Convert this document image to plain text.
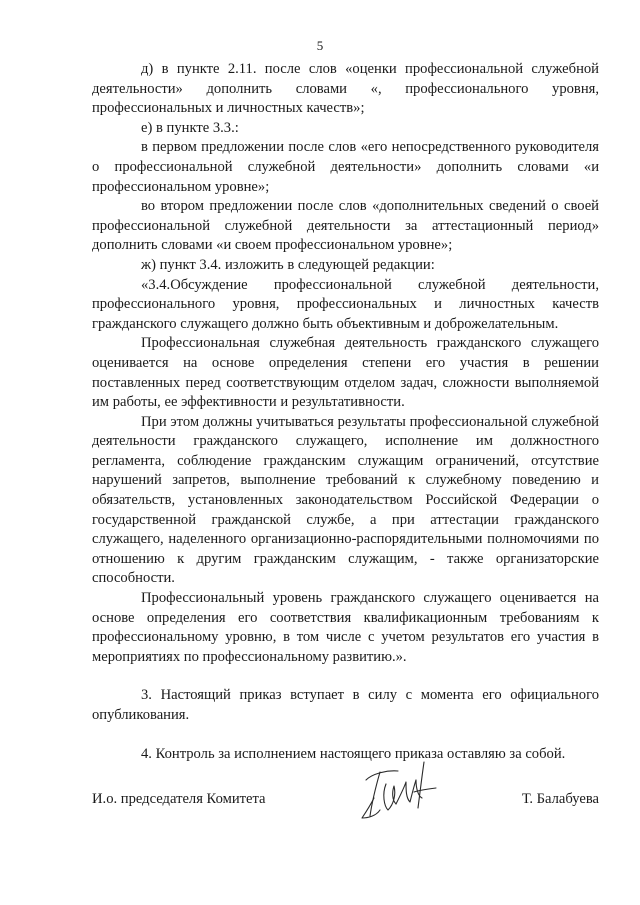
5

д) в пункте 2.11. после слов «оценки профессиональной служебной деятельности» дополнить словами «, профессионального уровня, профессиональных и личностных качеств»;

е) в пункте 3.3.:

в первом предложении после слов «его непосредственного руководителя о профессиональной служебной деятельности» дополнить словами «и профессиональном уровне»;

во втором предложении после слов «дополнительных сведений о своей профессиональной служебной деятельности за аттестационный период» дополнить словами «и своем профессиональном уровне»;

ж) пункт 3.4. изложить в следующей редакции:

«3.4.Обсуждение профессиональной служебной деятельности, профессионального уровня, профессиональных и личностных качеств гражданского служащего должно быть объективным и доброжелательным.

Профессиональная служебная деятельность гражданского служащего оценивается на основе определения степени его участия в решении поставленных перед соответствующим отделом задач, сложности выполняемой им работы, ее эффективности и результативности.

При этом должны учитываться результаты профессиональной служебной деятельности гражданского служащего, исполнение им должностного регламента, соблюдение гражданским служащим ограничений, отсутствие нарушений запретов, выполнение требований к служебному поведению и обязательств, установленных законодательством Российской Федерации о государственной гражданской службе, а при аттестации гражданского служащего, наделенного организационно-распорядительными полномочиями по отношению к другим гражданским служащим, - также организаторские способности.

Профессиональный уровень гражданского служащего оценивается на основе определения его соответствия квалификационным требованиям к профессиональному уровню, в том числе с учетом результатов его участия в мероприятиях по профессиональному развитию.».

3. Настоящий приказ вступает в силу с момента его официального опубликования.

4. Контроль за исполнением настоящего приказа оставляю за собой.

И.о. председателя Комитета	Т. Балабуева
